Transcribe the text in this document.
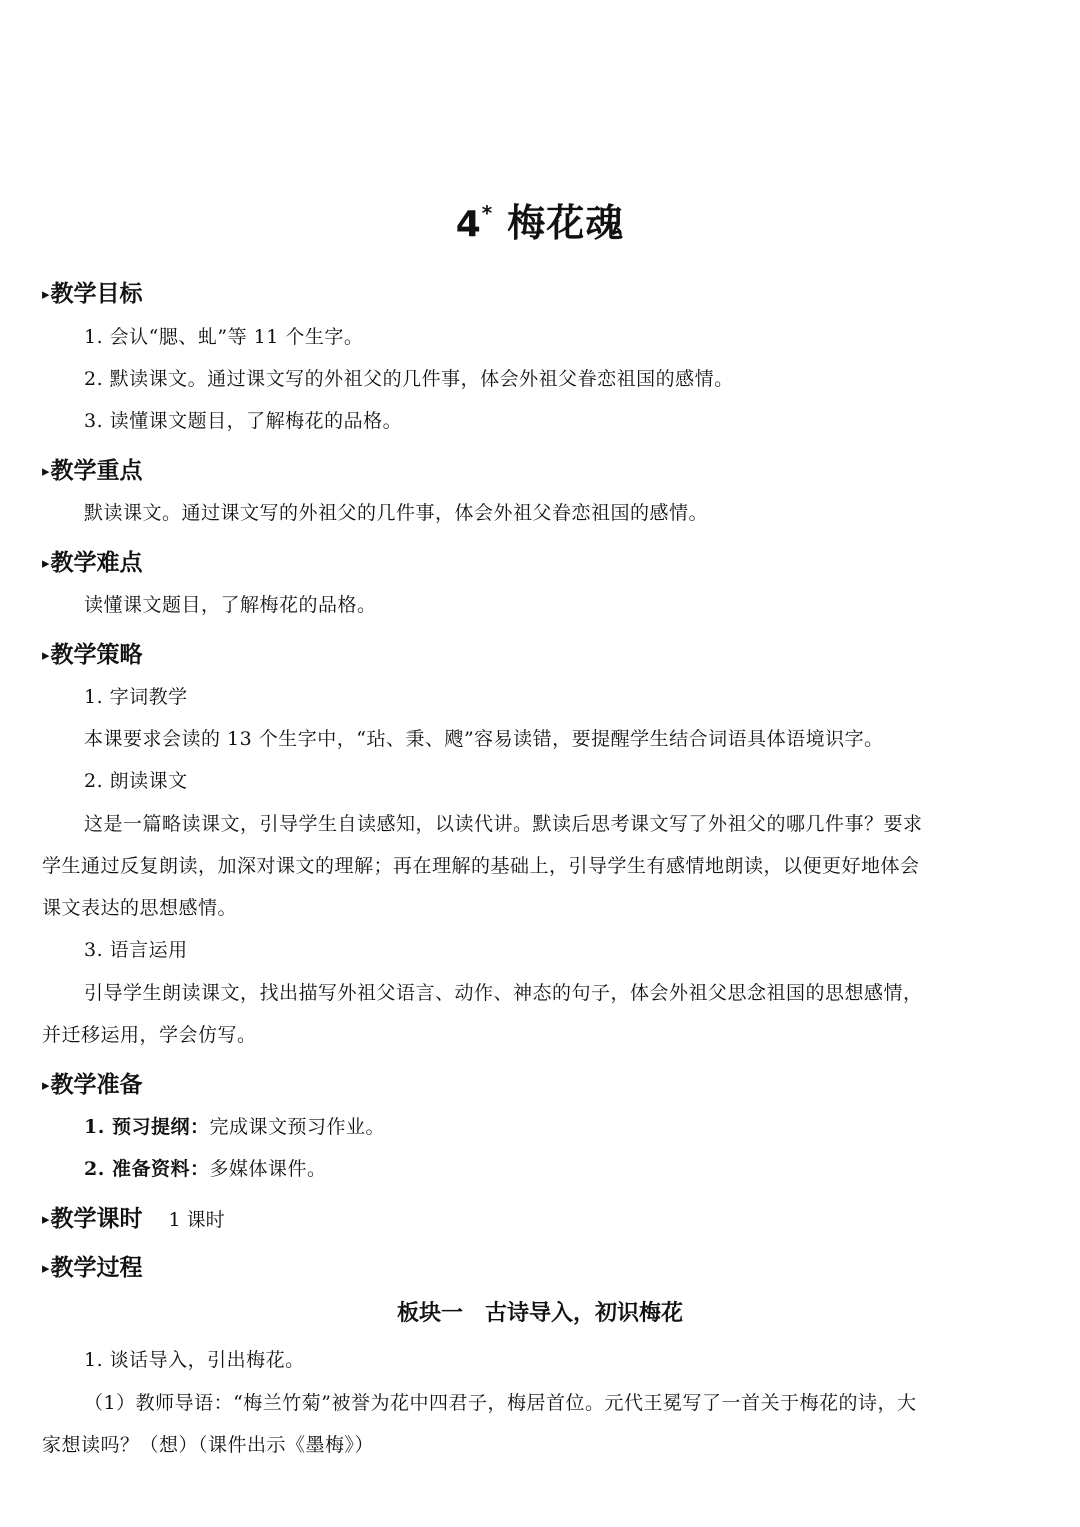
4* 梅花魂
▸教学目标
1. 会认“腮、虬”等 11 个生字。
2. 默读课文。通过课文写的外祖父的几件事，体会外祖父眷恋祖国的感情。
3. 读懂课文题目，了解梅花的品格。
▸教学重点
默读课文。通过课文写的外祖父的几件事，体会外祖父眷恋祖国的感情。
▸教学难点
读懂课文题目，了解梅花的品格。
▸教学策略
1. 字词教学
本课要求会读的 13 个生字中，“玷、秉、飕”容易读错，要提醒学生结合词语具体语境识字。
2. 朗读课文
这是一篇略读课文，引导学生自读感知，以读代讲。默读后思考课文写了外祖父的哪几件事？要求
学生通过反复朗读，加深对课文的理解；再在理解的基础上，引导学生有感情地朗读，以便更好地体会
课文表达的思想感情。
3. 语言运用
引导学生朗读课文，找出描写外祖父语言、动作、神态的句子，体会外祖父思念祖国的思想感情，
并迁移运用，学会仿写。
▸教学准备
1. 预习提纲：完成课文预习作业。
2. 准备资料：多媒体课件。
▸教学课时 1 课时
▸教学过程
板块一　古诗导入，初识梅花
1. 谈话导入，引出梅花。
（1）教师导语：“梅兰竹菊”被誉为花中四君子，梅居首位。元代王冕写了一首关于梅花的诗，大
家想读吗？（想）（课件出示《墨梅》）
